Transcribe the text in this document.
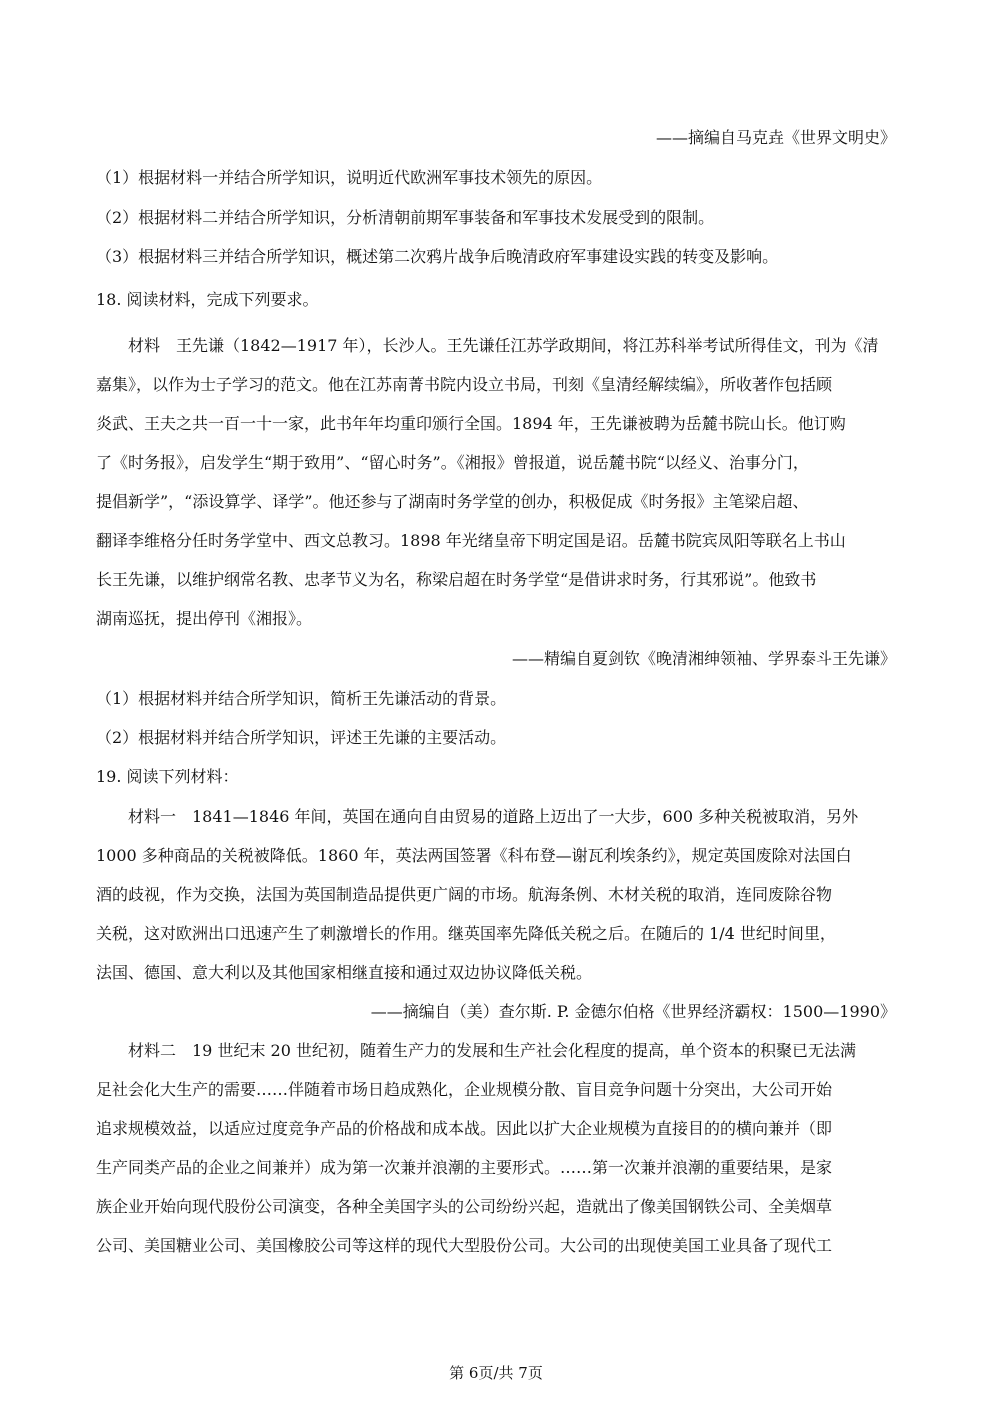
——摘编自马克垚《世界文明史》
（1）根据材料一并结合所学知识，说明近代欧洲军事技术领先的原因。
（2）根据材料二并结合所学知识，分析清朝前期军事装备和军事技术发展受到的限制。
（3）根据材料三并结合所学知识，概述第二次鸦片战争后晚清政府军事建设实践的转变及影响。
18. 阅读材料，完成下列要求。
材料　王先谦（1842—1917 年），长沙人。王先谦任江苏学政期间，将江苏科举考试所得佳文，刊为《清
嘉集》，以作为士子学习的范文。他在江苏南菁书院内设立书局，刊刻《皇清经解续编》，所收著作包括顾
炎武、王夫之共一百一十一家，此书年年均重印颁行全国。1894 年，王先谦被聘为岳麓书院山长。他订购
了《时务报》，启发学生“期于致用”、“留心时务”。《湘报》曾报道，说岳麓书院“以经义、治事分门，
提倡新学”，“添设算学、译学”。他还参与了湖南时务学堂的创办，积极促成《时务报》主笔梁启超、
翻译李维格分任时务学堂中、西文总教习。1898 年光绪皇帝下明定国是诏。岳麓书院宾凤阳等联名上书山
长王先谦，以维护纲常名教、忠孝节义为名，称梁启超在时务学堂“是借讲求时务，行其邪说”。他致书
湖南巡抚，提出停刊《湘报》。
——精编自夏剑钦《晚清湘绅领袖、学界泰斗王先谦》
（1）根据材料并结合所学知识，简析王先谦活动的背景。
（2）根据材料并结合所学知识，评述王先谦的主要活动。
19. 阅读下列材料：
材料一　1841—1846 年间，英国在通向自由贸易的道路上迈出了一大步，600 多种关税被取消，另外
1000 多种商品的关税被降低。1860 年，英法两国签署《科布登—谢瓦利埃条约》，规定英国废除对法国白
酒的歧视，作为交换，法国为英国制造品提供更广阔的市场。航海条例、木材关税的取消，连同废除谷物
关税，这对欧洲出口迅速产生了刺激增长的作用。继英国率先降低关税之后。在随后的 1/4 世纪时间里，
法国、德国、意大利以及其他国家相继直接和通过双边协议降低关税。
——摘编自（美）查尔斯. P. 金德尔伯格《世界经济霸权：1500—1990》
材料二　19 世纪末 20 世纪初，随着生产力的发展和生产社会化程度的提高，单个资本的积聚已无法满
足社会化大生产的需要……伴随着市场日趋成熟化，企业规模分散、盲目竞争问题十分突出，大公司开始
追求规模效益，以适应过度竞争产品的价格战和成本战。因此以扩大企业规模为直接目的的横向兼并（即
生产同类产品的企业之间兼并）成为第一次兼并浪潮的主要形式。……第一次兼并浪潮的重要结果，是家
族企业开始向现代股份公司演变，各种全美国字头的公司纷纷兴起，造就出了像美国钢铁公司、全美烟草
公司、美国糖业公司、美国橡胶公司等这样的现代大型股份公司。大公司的出现使美国工业具备了现代工
第 6页/共 7页
